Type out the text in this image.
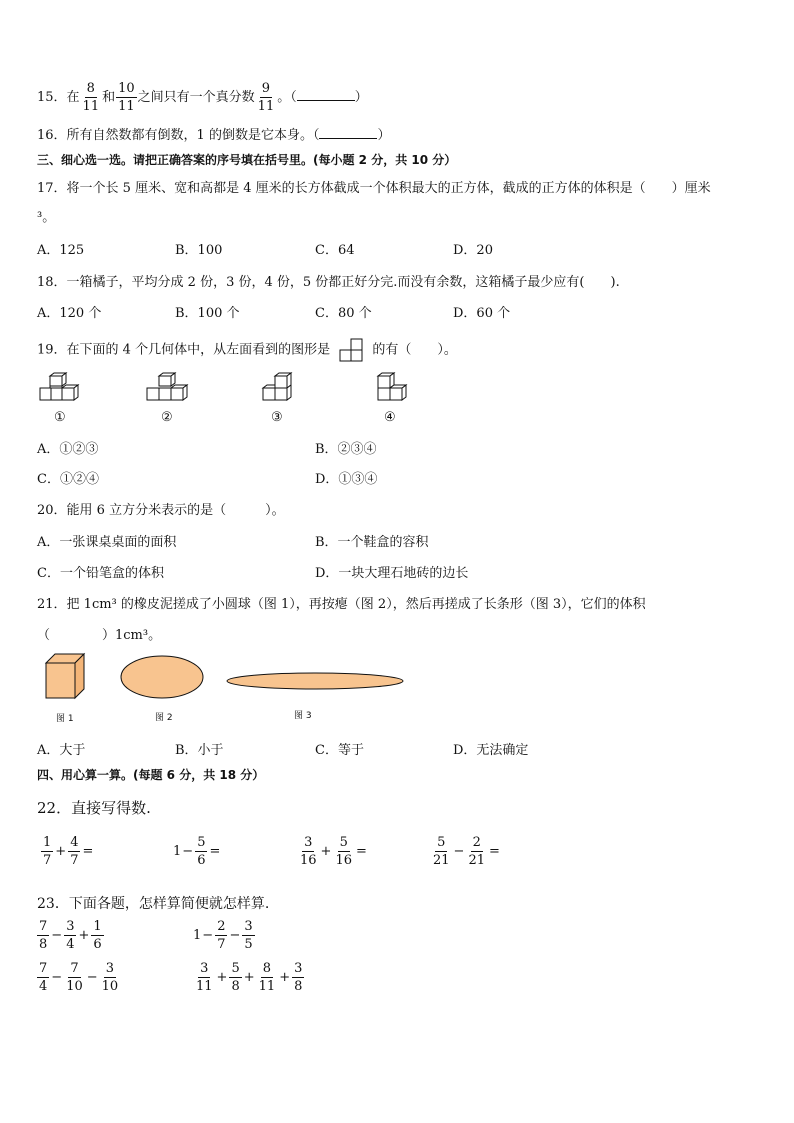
15．在 $\frac{8}{11}$ 和 $\frac{10}{11}$ 之间只有一个真分数 $\frac{9}{11}$ 。（	）
16．所有自然数都有倒数，1 的倒数是它本身。（	）
三、细心选一选。请把正确答案的序号填在括号里。(每小题 2 分，共 10 分）
17．将一个长 5 厘米、宽和高都是 4 厘米的长方体截成一个体积最大的正方体，截成的正方体的体积是（　　）厘米
³。
A．125	B．100	C．64	D．20
18．一箱橘子，平均分成 2 份，3 份，4 份，5 份都正好分完.而没有余数，这箱橘子最少应有(　　).
A．120 个	B．100 个	C．80 个	D．60 个
19．在下面的 4 个几何体中，从左面看到的图形是	的有（　　）。
①	②	③	④
A．①②③	B．②③④
C．①②④	D．①③④
20．能用 6 立方分米表示的是（　　　）。
A．一张课桌桌面的面积	B．一个鞋盒的容积
C．一个铅笔盒的体积	D．一块大理石地砖的边长
21．把 1cm³ 的橡皮泥搓成了小圆球（图 1），再按瘪（图 2），然后再搓成了长条形（图 3），它们的体积
（　　　　）1cm³。
图 1	图 2	图 3
A．大于	B．小于	C．等于	D．无法确定
四、用心算一算。(每题 6 分，共 18 分）
22．直接写得数.
$\frac{1}{7} + \frac{4}{7}$ =	$1- \frac{5}{6}$ =	$\frac{3}{16} + \frac{5}{16}$ =	$\frac{5}{21} - \frac{2}{21}$ =
23．下面各题，怎样算简便就怎样算.
$\frac{7}{8} - \frac{3}{4} + \frac{1}{6}$	$1- \frac{2}{7} - \frac{3}{5}$
$\frac{7}{4} - \frac{7}{10} - \frac{3}{10}$	$\frac{3}{11} + \frac{5}{8} + \frac{8}{11} + \frac{3}{8}$
